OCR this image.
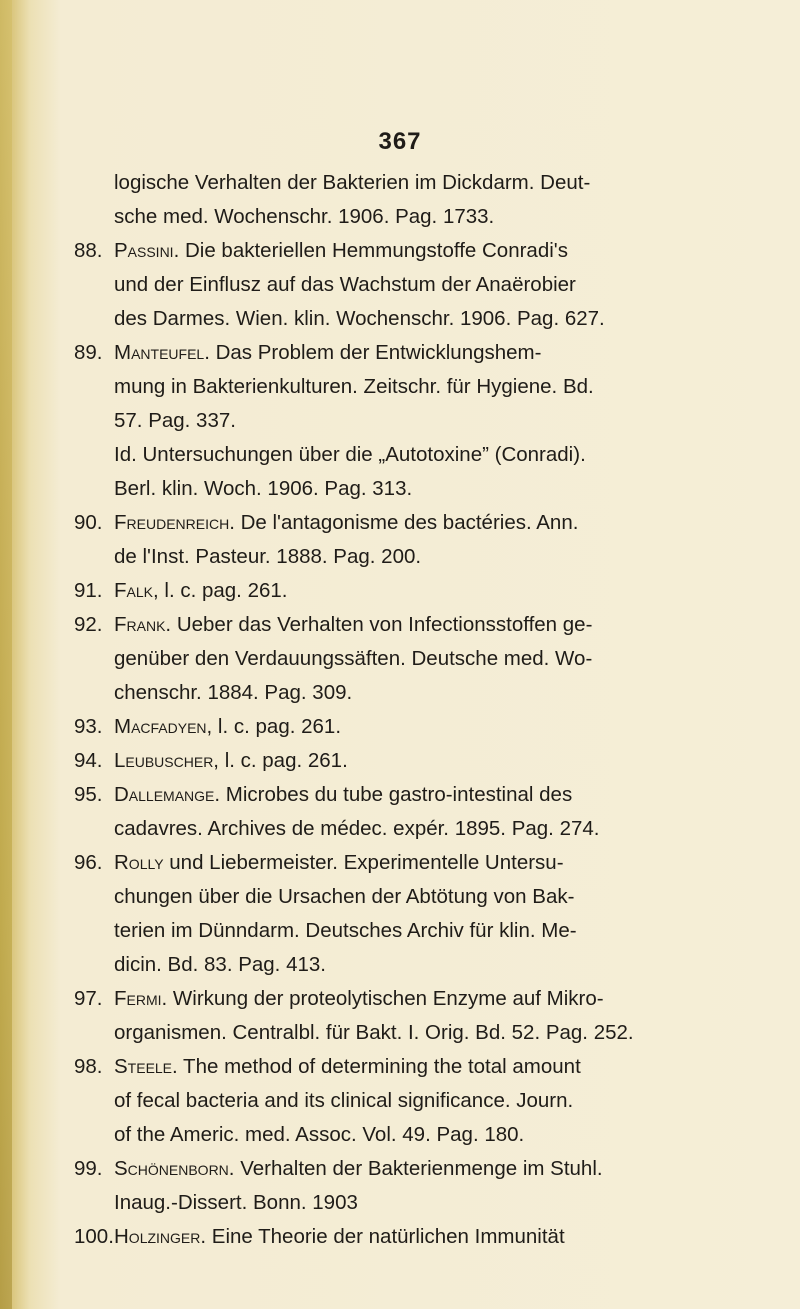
367
logische Verhalten der Bakterien im Dickdarm. Deut-
sche med. Wochenschr. 1906. Pag. 1733.
88. Passini. Die bakteriellen Hemmungstoffe Conradi's
und der Einflusz auf das Wachstum der Anaërobier
des Darmes. Wien. klin. Wochenschr. 1906. Pag. 627.
89. Manteufel. Das Problem der Entwicklungshem-
mung in Bakterienkulturen. Zeitschr. für Hygiene. Bd.
57. Pag. 337.
Id. Untersuchungen über die „Autotoxine” (Conradi).
Berl. klin. Woch. 1906. Pag. 313.
90. Freudenreich. De l'antagonisme des bactéries. Ann.
de l'Inst. Pasteur. 1888. Pag. 200.
91. Falk, l. c. pag. 261.
92. Frank. Ueber das Verhalten von Infectionsstoffen ge-
genüber den Verdauungssäften. Deutsche med. Wo-
chenschr. 1884. Pag. 309.
93. Macfadyen, l. c. pag. 261.
94. Leubuscher, l. c. pag. 261.
95. Dallemange. Microbes du tube gastro-intestinal des
cadavres. Archives de médec. expér. 1895. Pag. 274.
96. Rolly und Liebermeister. Experimentelle Untersu-
chungen über die Ursachen der Abtötung von Bak-
terien im Dünndarm. Deutsches Archiv für klin. Me-
dicin. Bd. 83. Pag. 413.
97. Fermi. Wirkung der proteolytischen Enzyme auf Mikro-
organismen. Centralbl. für Bakt. I. Orig. Bd. 52. Pag. 252.
98. Steele. The method of determining the total amount
of fecal bacteria and its clinical significance. Journ.
of the Americ. med. Assoc. Vol. 49. Pag. 180.
99. Schönenborn. Verhalten der Bakterienmenge im Stuhl.
Inaug.-Dissert. Bonn. 1903
100. Holzinger. Eine Theorie der natürlichen Immunität
